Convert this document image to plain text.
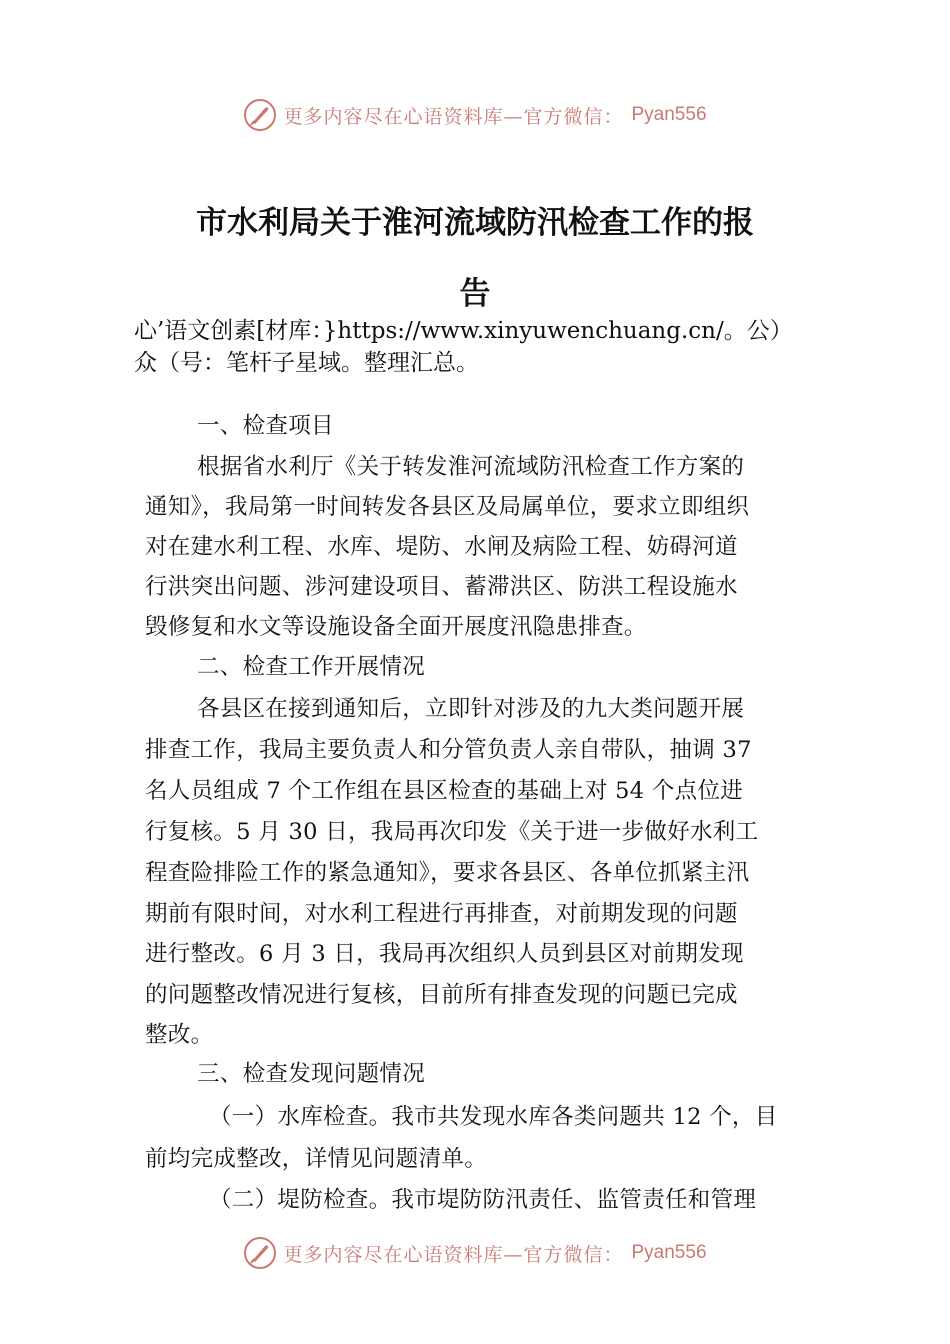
更多内容尽在心语资料库—官方微信： Pyan556
市水利局关于淮河流域防汛检查工作的报
告
心’语文创素[材库：}https://www.xinyuwenchuang.cn/。公）
众（号：笔杆子星域。整理汇总。
一、检查项目
根据省水利厅《关于转发淮河流域防汛检查工作方案的
通知》，我局第一时间转发各县区及局属单位，要求立即组织
对在建水利工程、水库、堤防、水闸及病险工程、妨碍河道
行洪突出问题、涉河建设项目、蓄滞洪区、防洪工程设施水
毁修复和水文等设施设备全面开展度汛隐患排查。
二、检查工作开展情况
各县区在接到通知后，立即针对涉及的九大类问题开展
排查工作，我局主要负责人和分管负责人亲自带队，抽调 37
名人员组成 7 个工作组在县区检查的基础上对 54 个点位进
行复核。5 月 30 日，我局再次印发《关于进一步做好水利工
程查险排险工作的紧急通知》，要求各县区、各单位抓紧主汛
期前有限时间，对水利工程进行再排查，对前期发现的问题
进行整改。6 月 3 日，我局再次组织人员到县区对前期发现
的问题整改情况进行复核，目前所有排查发现的问题已完成
整改。
三、检查发现问题情况
（一）水库检查。我市共发现水库各类问题共 12 个，目
前均完成整改，详情见问题清单。
（二）堤防检查。我市堤防防汛责任、监管责任和管理
更多内容尽在心语资料库—官方微信： Pyan556
